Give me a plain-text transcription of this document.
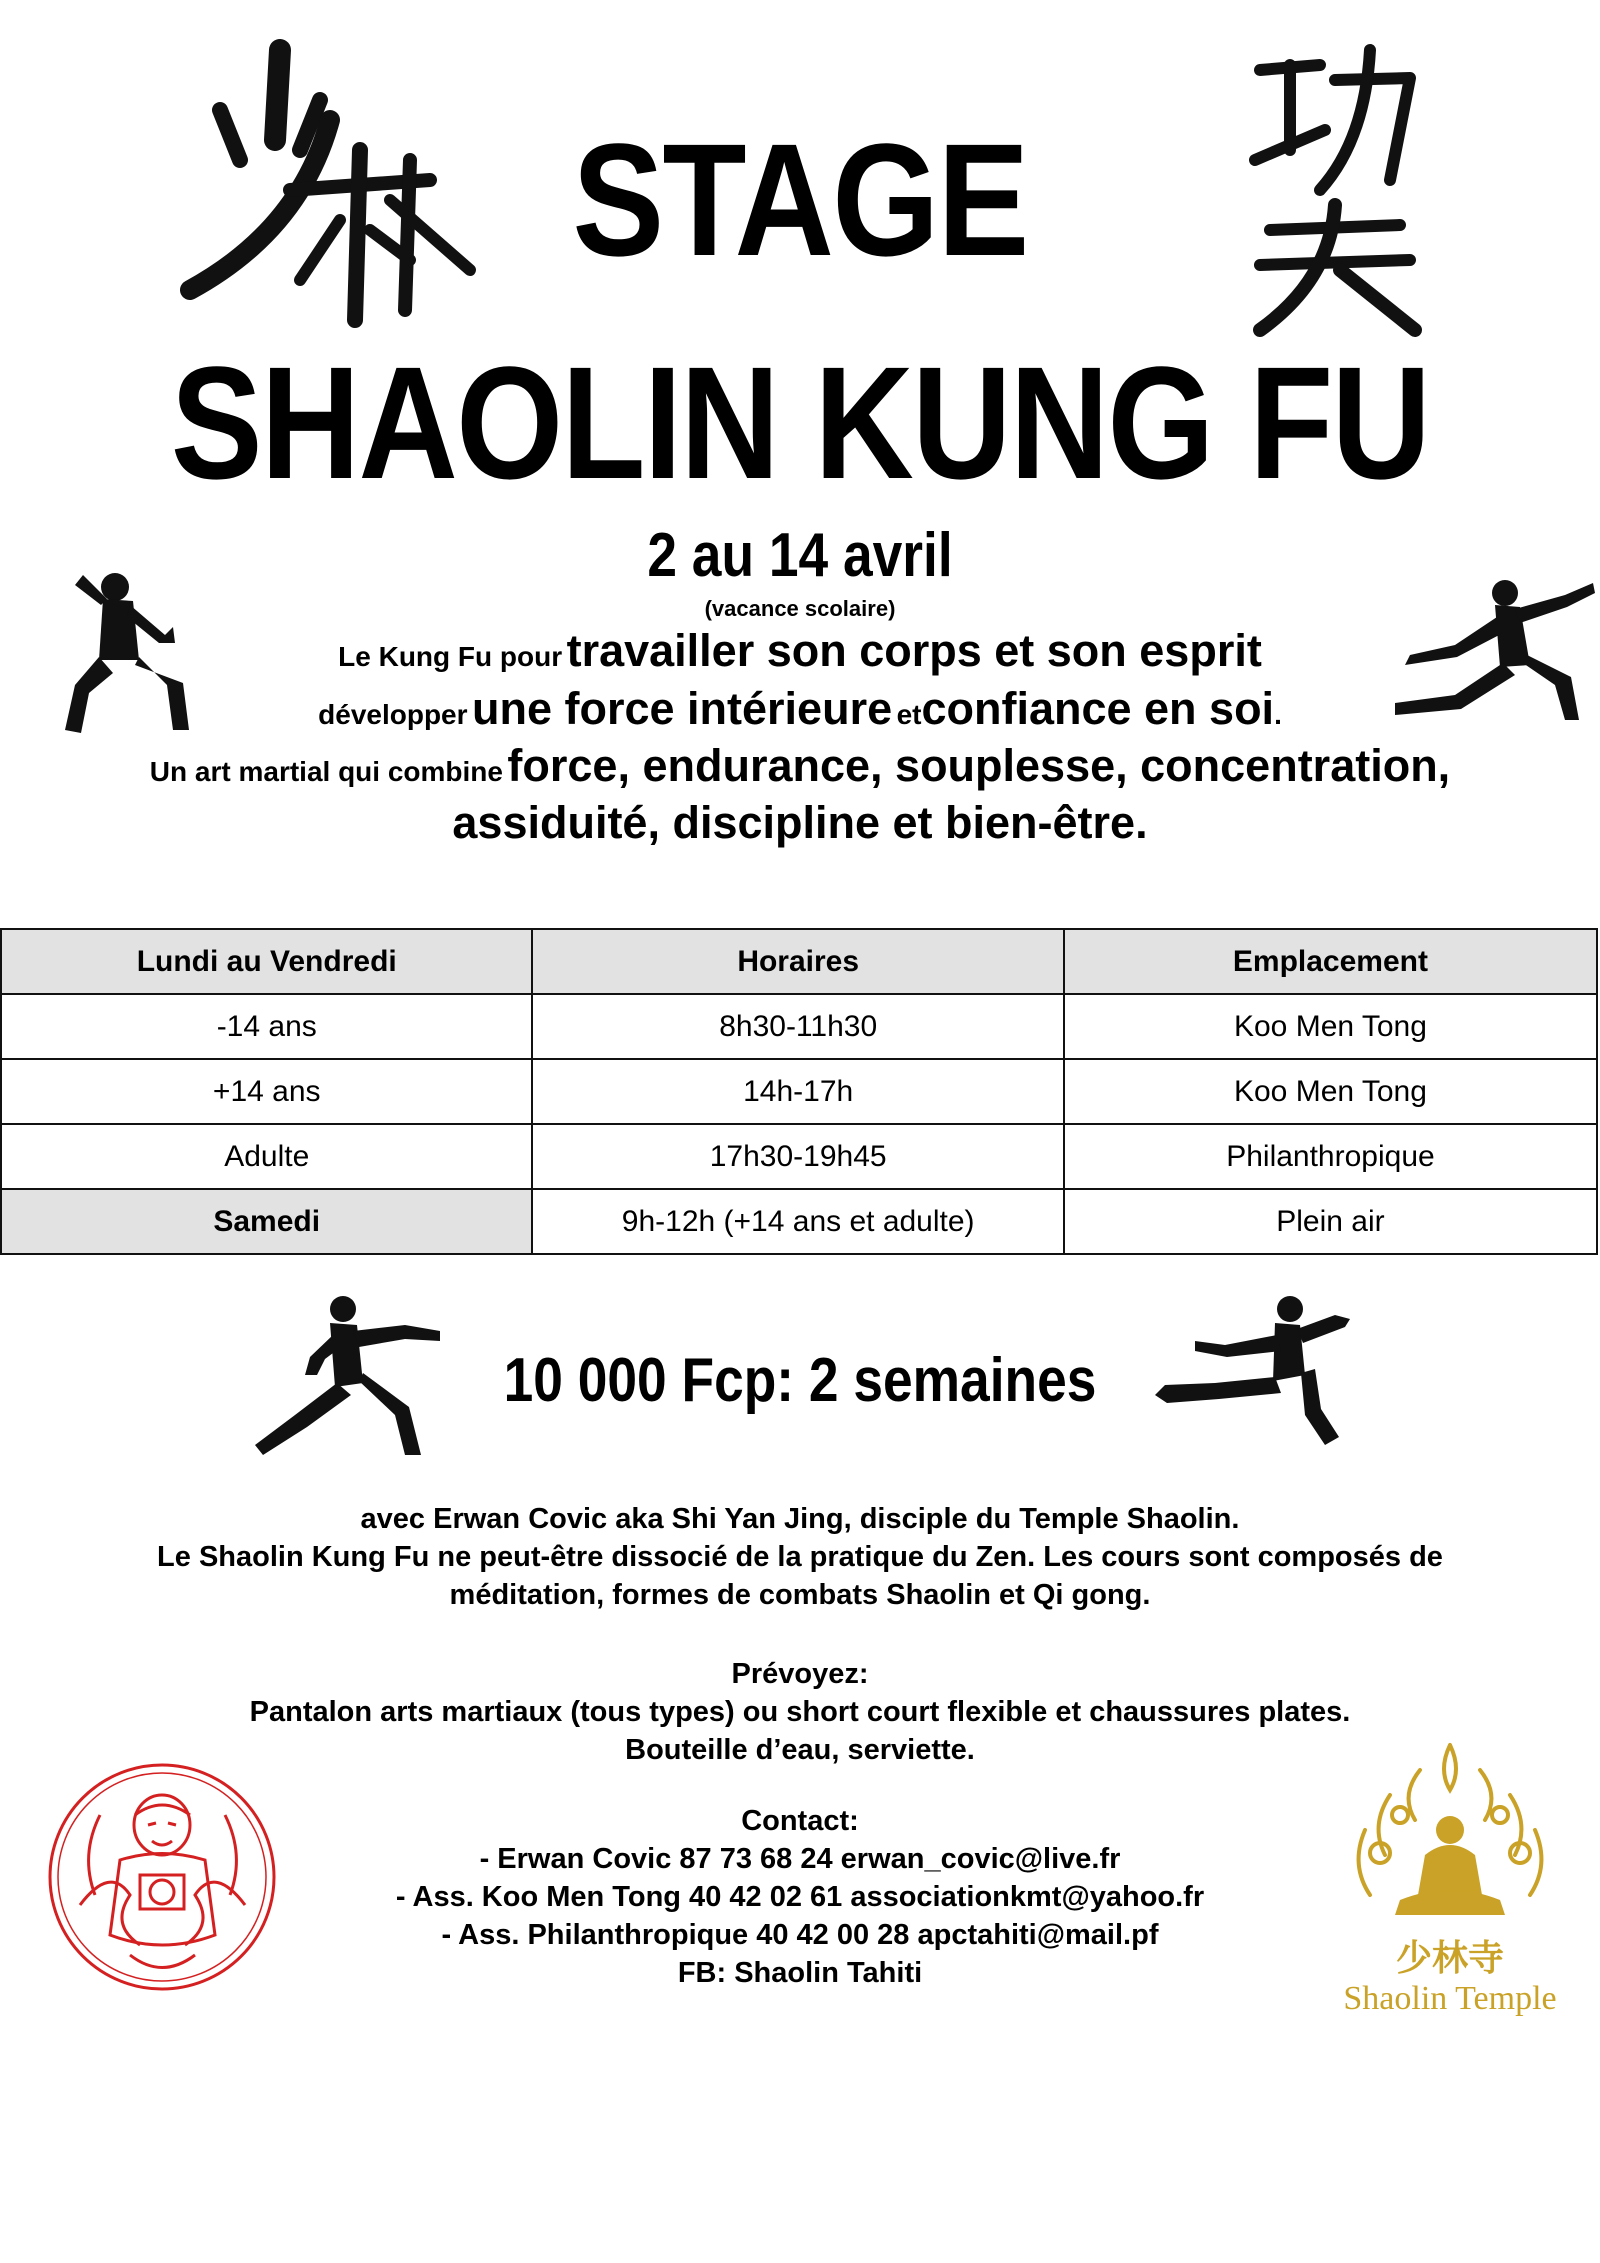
STAGE
SHAOLIN KUNG FU
2 au 14 avril
(vacance scolaire)
Le Kung Fu pour travailler son corps et son esprit
développer une force intérieure etconfiance en soi.
Un art martial qui combine force, endurance, souplesse, concentration,
assiduité, discipline et bien-être.
Lundi au Vendredi	Horaires	Emplacement
-14 ans	8h30-11h30	Koo Men Tong
+14 ans	14h-17h	Koo Men Tong
Adulte	17h30-19h45	Philanthropique
Samedi	9h-12h (+14 ans et adulte)	Plein air
10 000 Fcp: 2 semaines
avec Erwan Covic aka Shi Yan Jing, disciple du Temple Shaolin.
Le Shaolin Kung Fu ne peut-être dissocié de la pratique du Zen. Les cours sont composés de
méditation, formes de combats Shaolin et Qi gong.
Prévoyez:
Pantalon arts martiaux (tous types) ou short court flexible et chaussures plates.
Bouteille d’eau, serviette.
Contact:
- Erwan Covic 87 73 68 24 erwan_covic@live.fr
- Ass. Koo Men Tong 40 42 02 61 associationkmt@yahoo.fr
- Ass. Philanthropique 40 42 00 28 apctahiti@mail.pf
FB: Shaolin Tahiti	少林寺
Shaolin Temple
